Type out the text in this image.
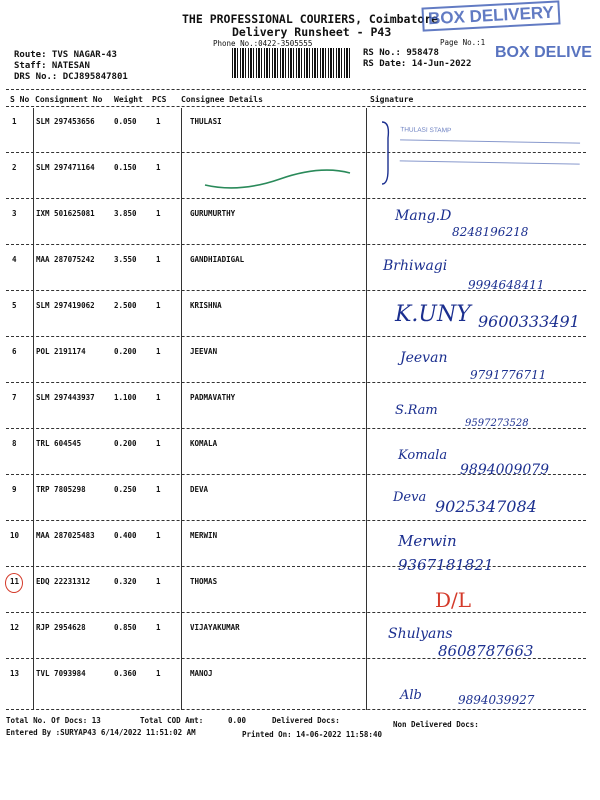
THE PROFESSIONAL COURIERS, Coimbatore
Delivery Runsheet - P43
Phone No.:0422-3505555	Page No.:1
Route: TVS NAGAR-43
Staff: NATESAN
DRS No.: DCJ895847801
RS No.: 958478
RS Date: 14-Jun-2022
BOX DELIVERY
BOX DELIVE
S No Consignment No Weight PCS Consignee Details	Signature
1	SLM 297453656	0.050	1	THULASI
2	SLM 297471164	0.150	1
3	IXM 501625081	3.850	1	GURUMURTHY
4	MAA 287075242	3.550	1	GANDHIADIGAL
5	SLM 297419062	2.500	1	KRISHNA
6	POL 2191174	0.200	1	JEEVAN
7	SLM 297443937	1.100	1	PADMAVATHY
8	TRL 604545	0.200	1	KOMALA
9	TRP 7805298	0.250	1	DEVA
10 MAA 287025483	0.400	1	MERWIN
11 EDQ 22231312	0.320	1	THOMAS
12 RJP 2954628	0.850	1	VIJAYAKUMAR
13 TVL 7093984	0.360	1	MANOJ
THULASI STAMP
Mang.D
8248196218
Brhiwagi
9994648411
K.UNY 9600333491
Jeevan
9791776711
S.Ram
9597273528
Komala
9894009079
Deva 9025347084
Merwin
9367181821
D/L
Shulyans
8608787663
Alb	9894039927
Total No. Of Docs: 13	Total COD Amt:	0.00	Delivered Docs:	Non Delivered Docs:
Entered By :SURYAP43 6/14/2022 11:51:02 AM	Printed On: 14-06-2022 11:58:40
